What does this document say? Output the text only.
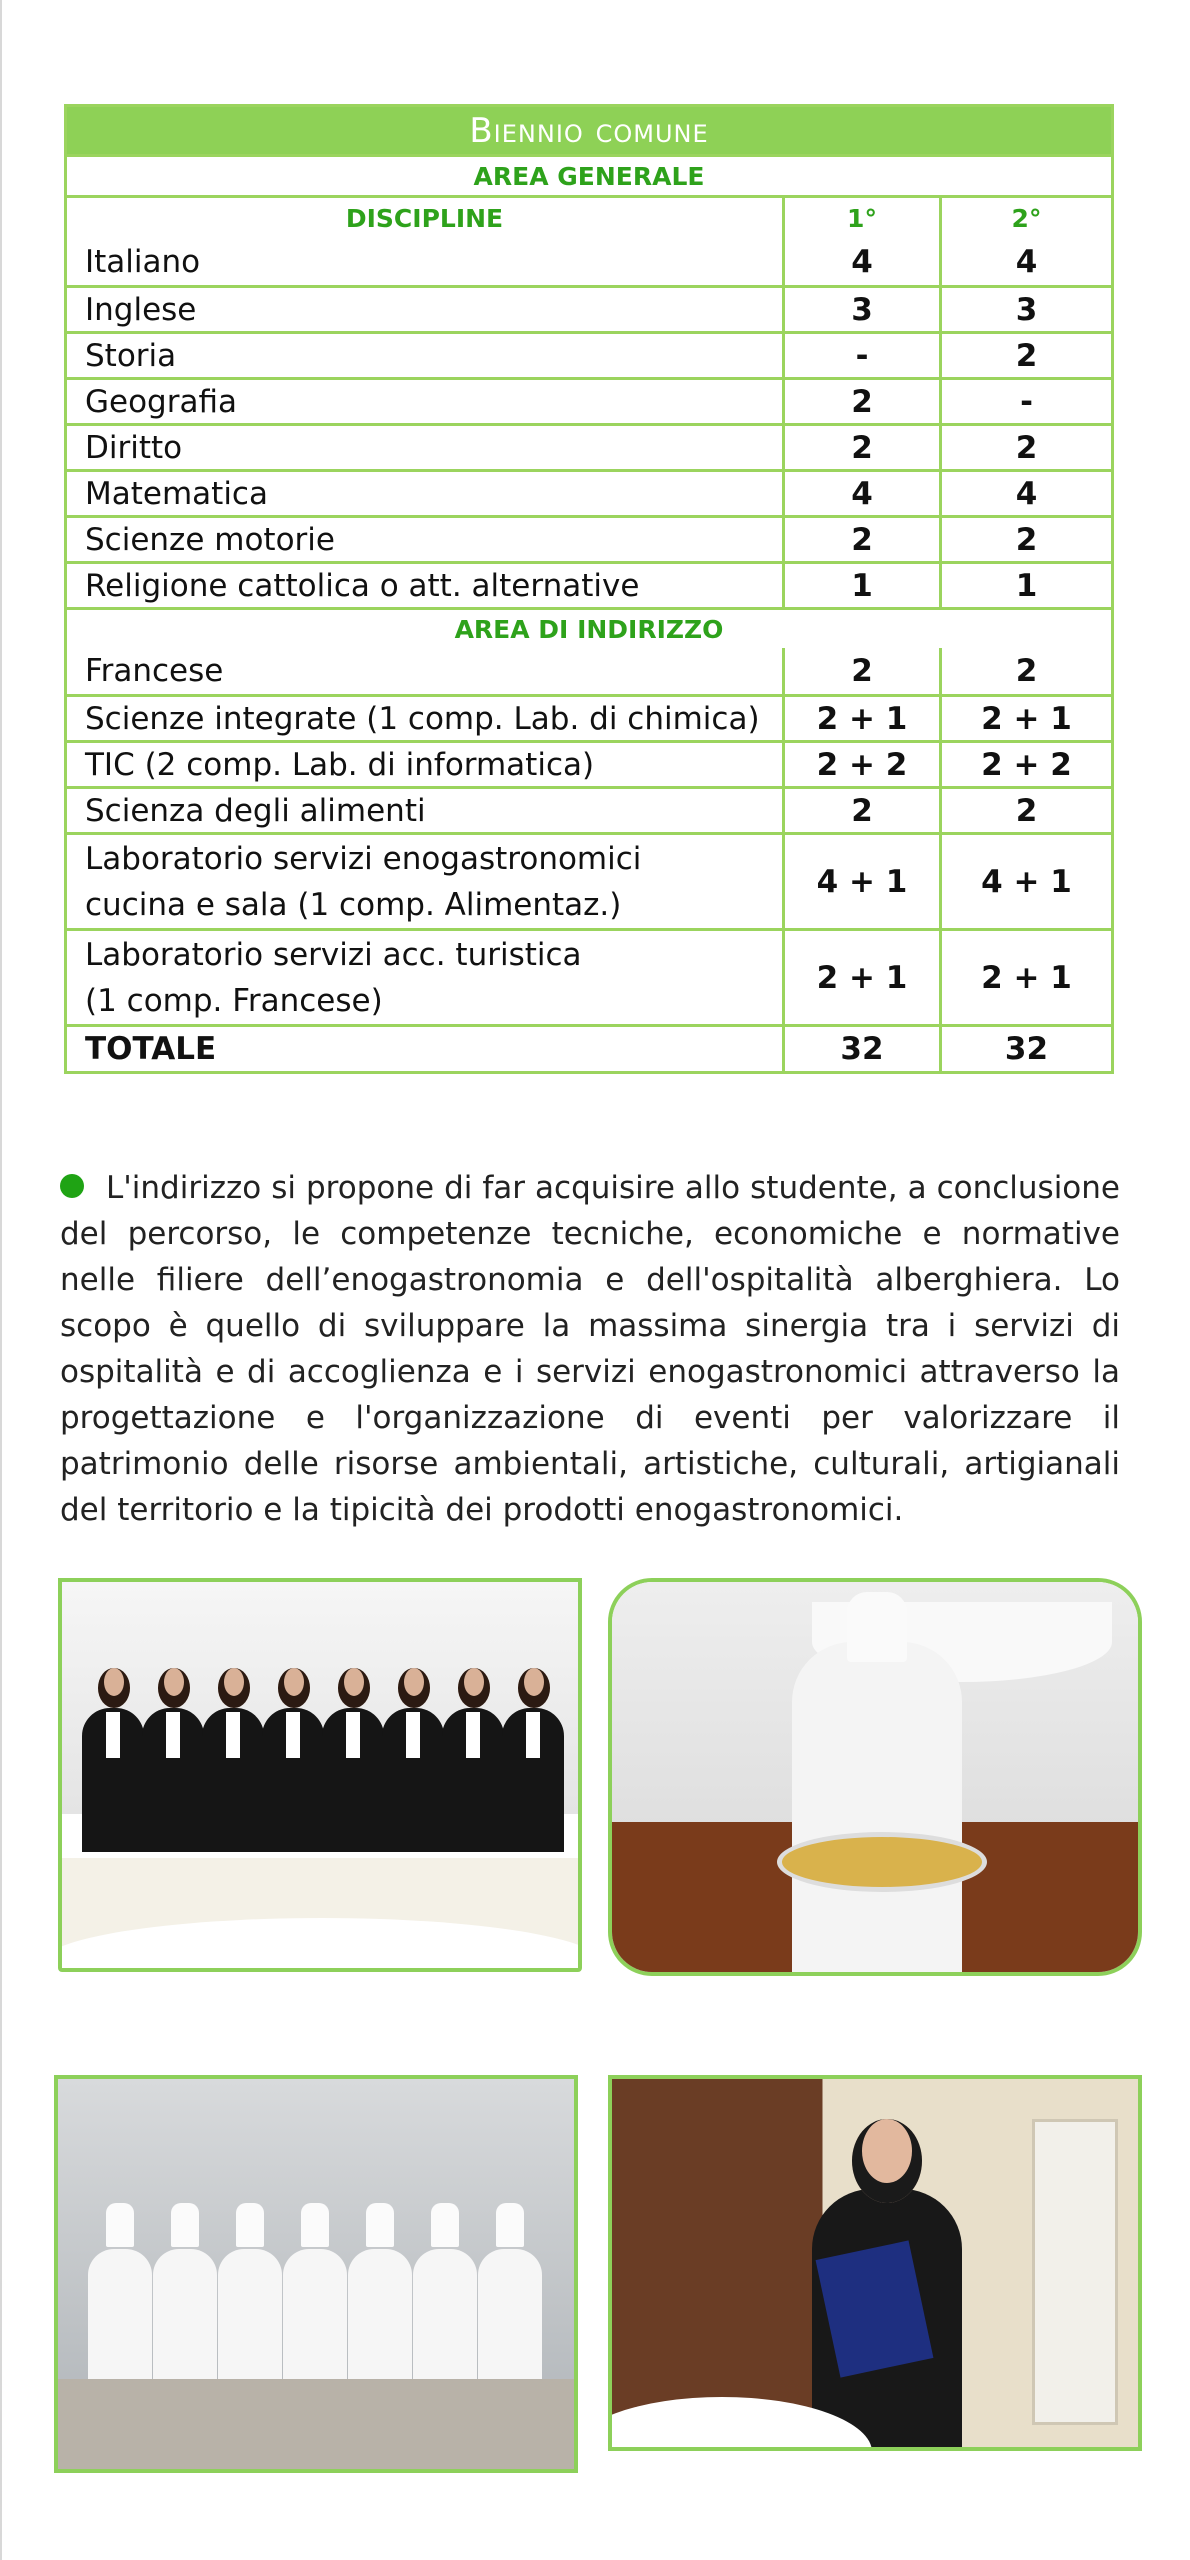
Biennio comune
AREA GENERALE
DISCIPLINE	1°	2°
Italiano	4	4
Inglese	3	3
Storia	-	2
Geografia	2	-
Diritto	2	2
Matematica	4	4
Scienze motorie	2	2
Religione cattolica o att. alternative	1	1
AREA DI INDIRIZZO
Francese	2	2
Scienze integrate (1 comp. Lab. di chimica)	2 + 1	2 + 1
TIC (2 comp. Lab. di informatica)	2 + 2	2 + 2
Scienza degli alimenti	2	2
Laboratorio servizi enogastronomici
cucina e sala (1 comp. Alimentaz.)
4 + 1	4 + 1
Laboratorio servizi acc. turistica
(1 comp. Francese)
2 + 1	2 + 1
TOTALE	32	32

L'indirizzo si propone di far acquisire allo studente, a conclusione del percorso, le competenze tecniche, economiche e normative nelle filiere dell’enogastronomia e dell'ospitalità alberghiera. Lo scopo è quello di sviluppare la massima sinergia tra i servizi di ospitalità e di accoglienza e i servizi enogastronomici attraverso la progettazione e l'organizzazione di eventi per valorizzare il patrimonio delle risorse ambientali, artistiche, culturali, artigianali del territorio e la tipicità dei prodotti enogastronomici.
